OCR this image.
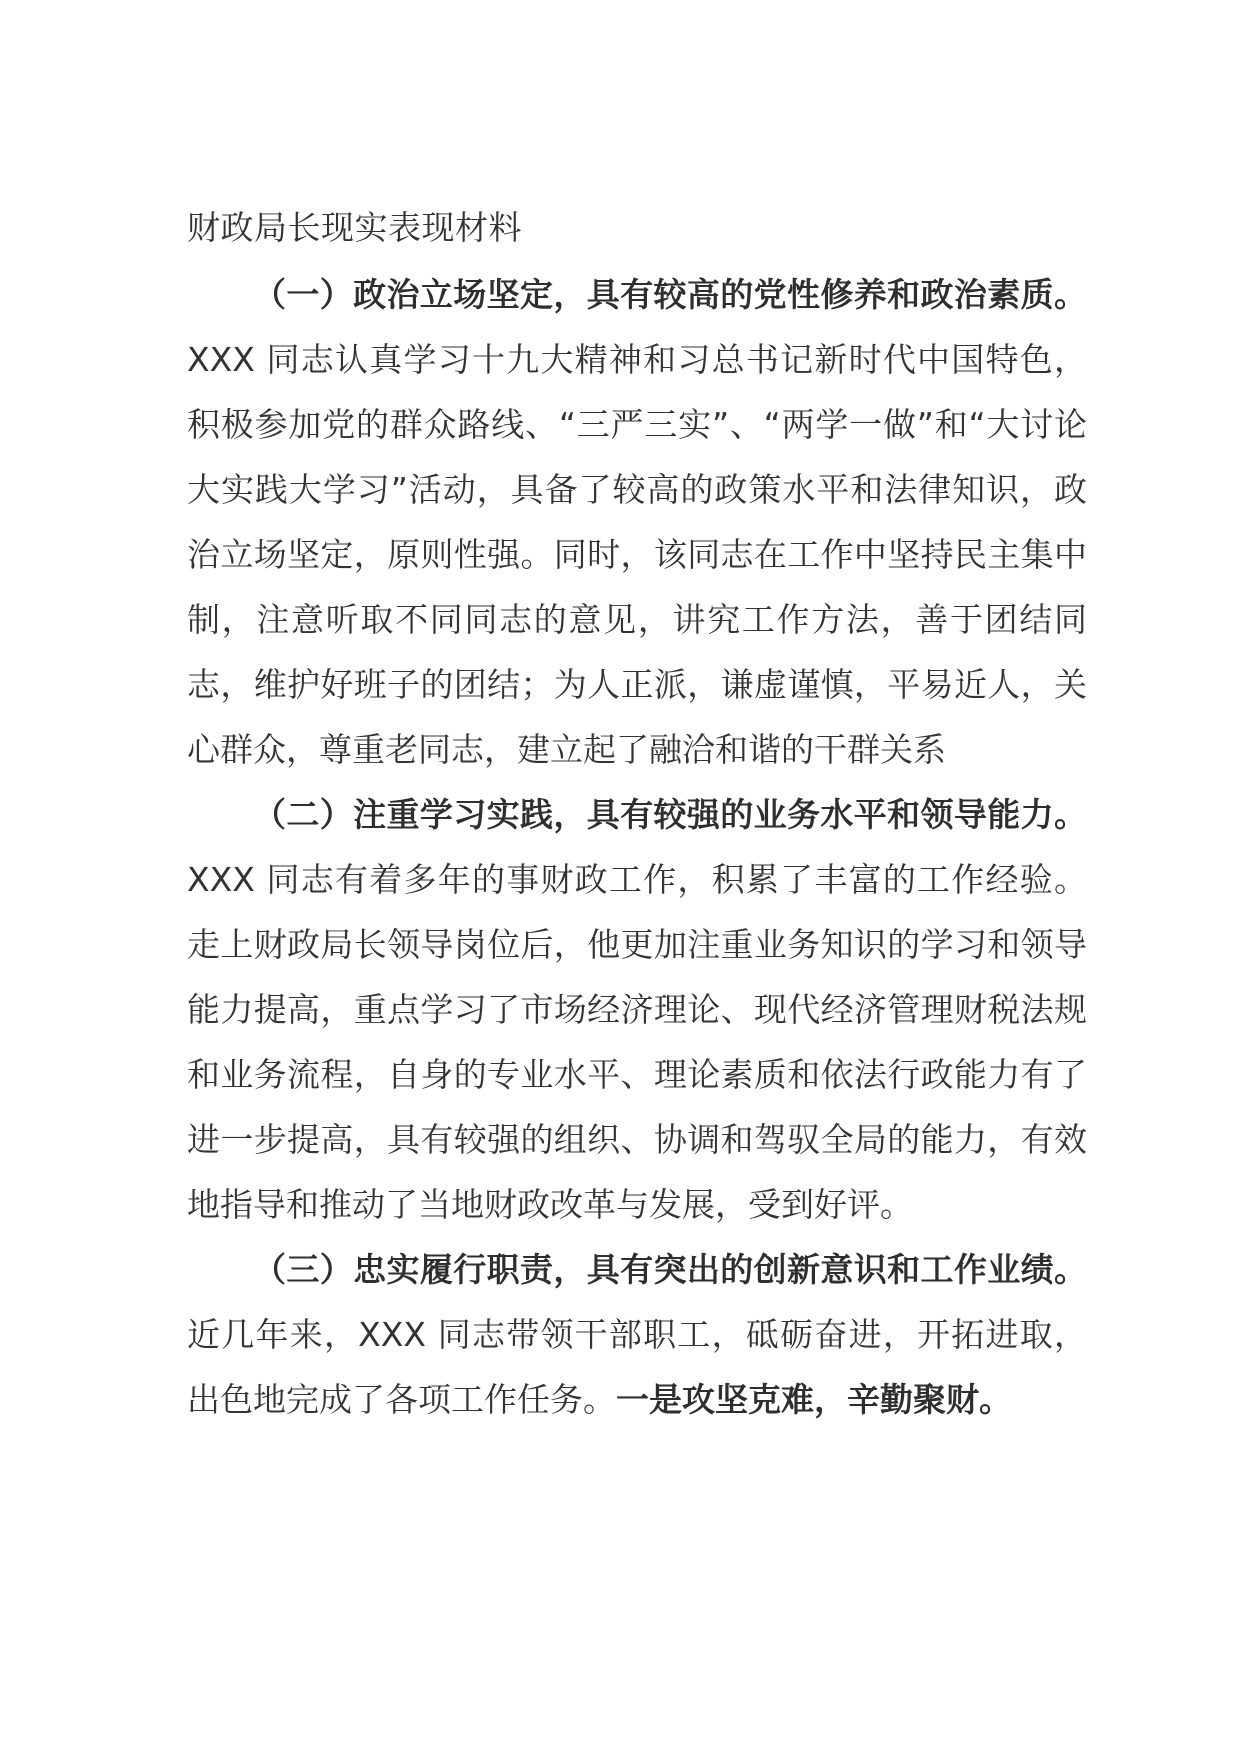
财政局长现实表现材料

（一）政治立场坚定，具有较高的党性修养和政治素质。XXX 同志认真学习十九大精神和习总书记新时代中国特色，积极参加党的群众路线、“三严三实”、“两学一做”和“大讨论大实践大学习”活动，具备了较高的政策水平和法律知识，政治立场坚定，原则性强。同时，该同志在工作中坚持民主集中制，注意听取不同同志的意见，讲究工作方法，善于团结同志，维护好班子的团结；为人正派，谦虚谨慎，平易近人，关心群众，尊重老同志，建立起了融洽和谐的干群关系

（二）注重学习实践，具有较强的业务水平和领导能力。XXX 同志有着多年的事财政工作，积累了丰富的工作经验。走上财政局长领导岗位后，他更加注重业务知识的学习和领导能力提高，重点学习了市场经济理论、现代经济管理财税法规和业务流程，自身的专业水平、理论素质和依法行政能力有了进一步提高，具有较强的组织、协调和驾驭全局的能力，有效地指导和推动了当地财政改革与发展，受到好评。

（三）忠实履行职责，具有突出的创新意识和工作业绩。近几年来，XXX 同志带领干部职工，砥砺奋进，开拓进取，出色地完成了各项工作任务。一是攻坚克难，辛勤聚财。
